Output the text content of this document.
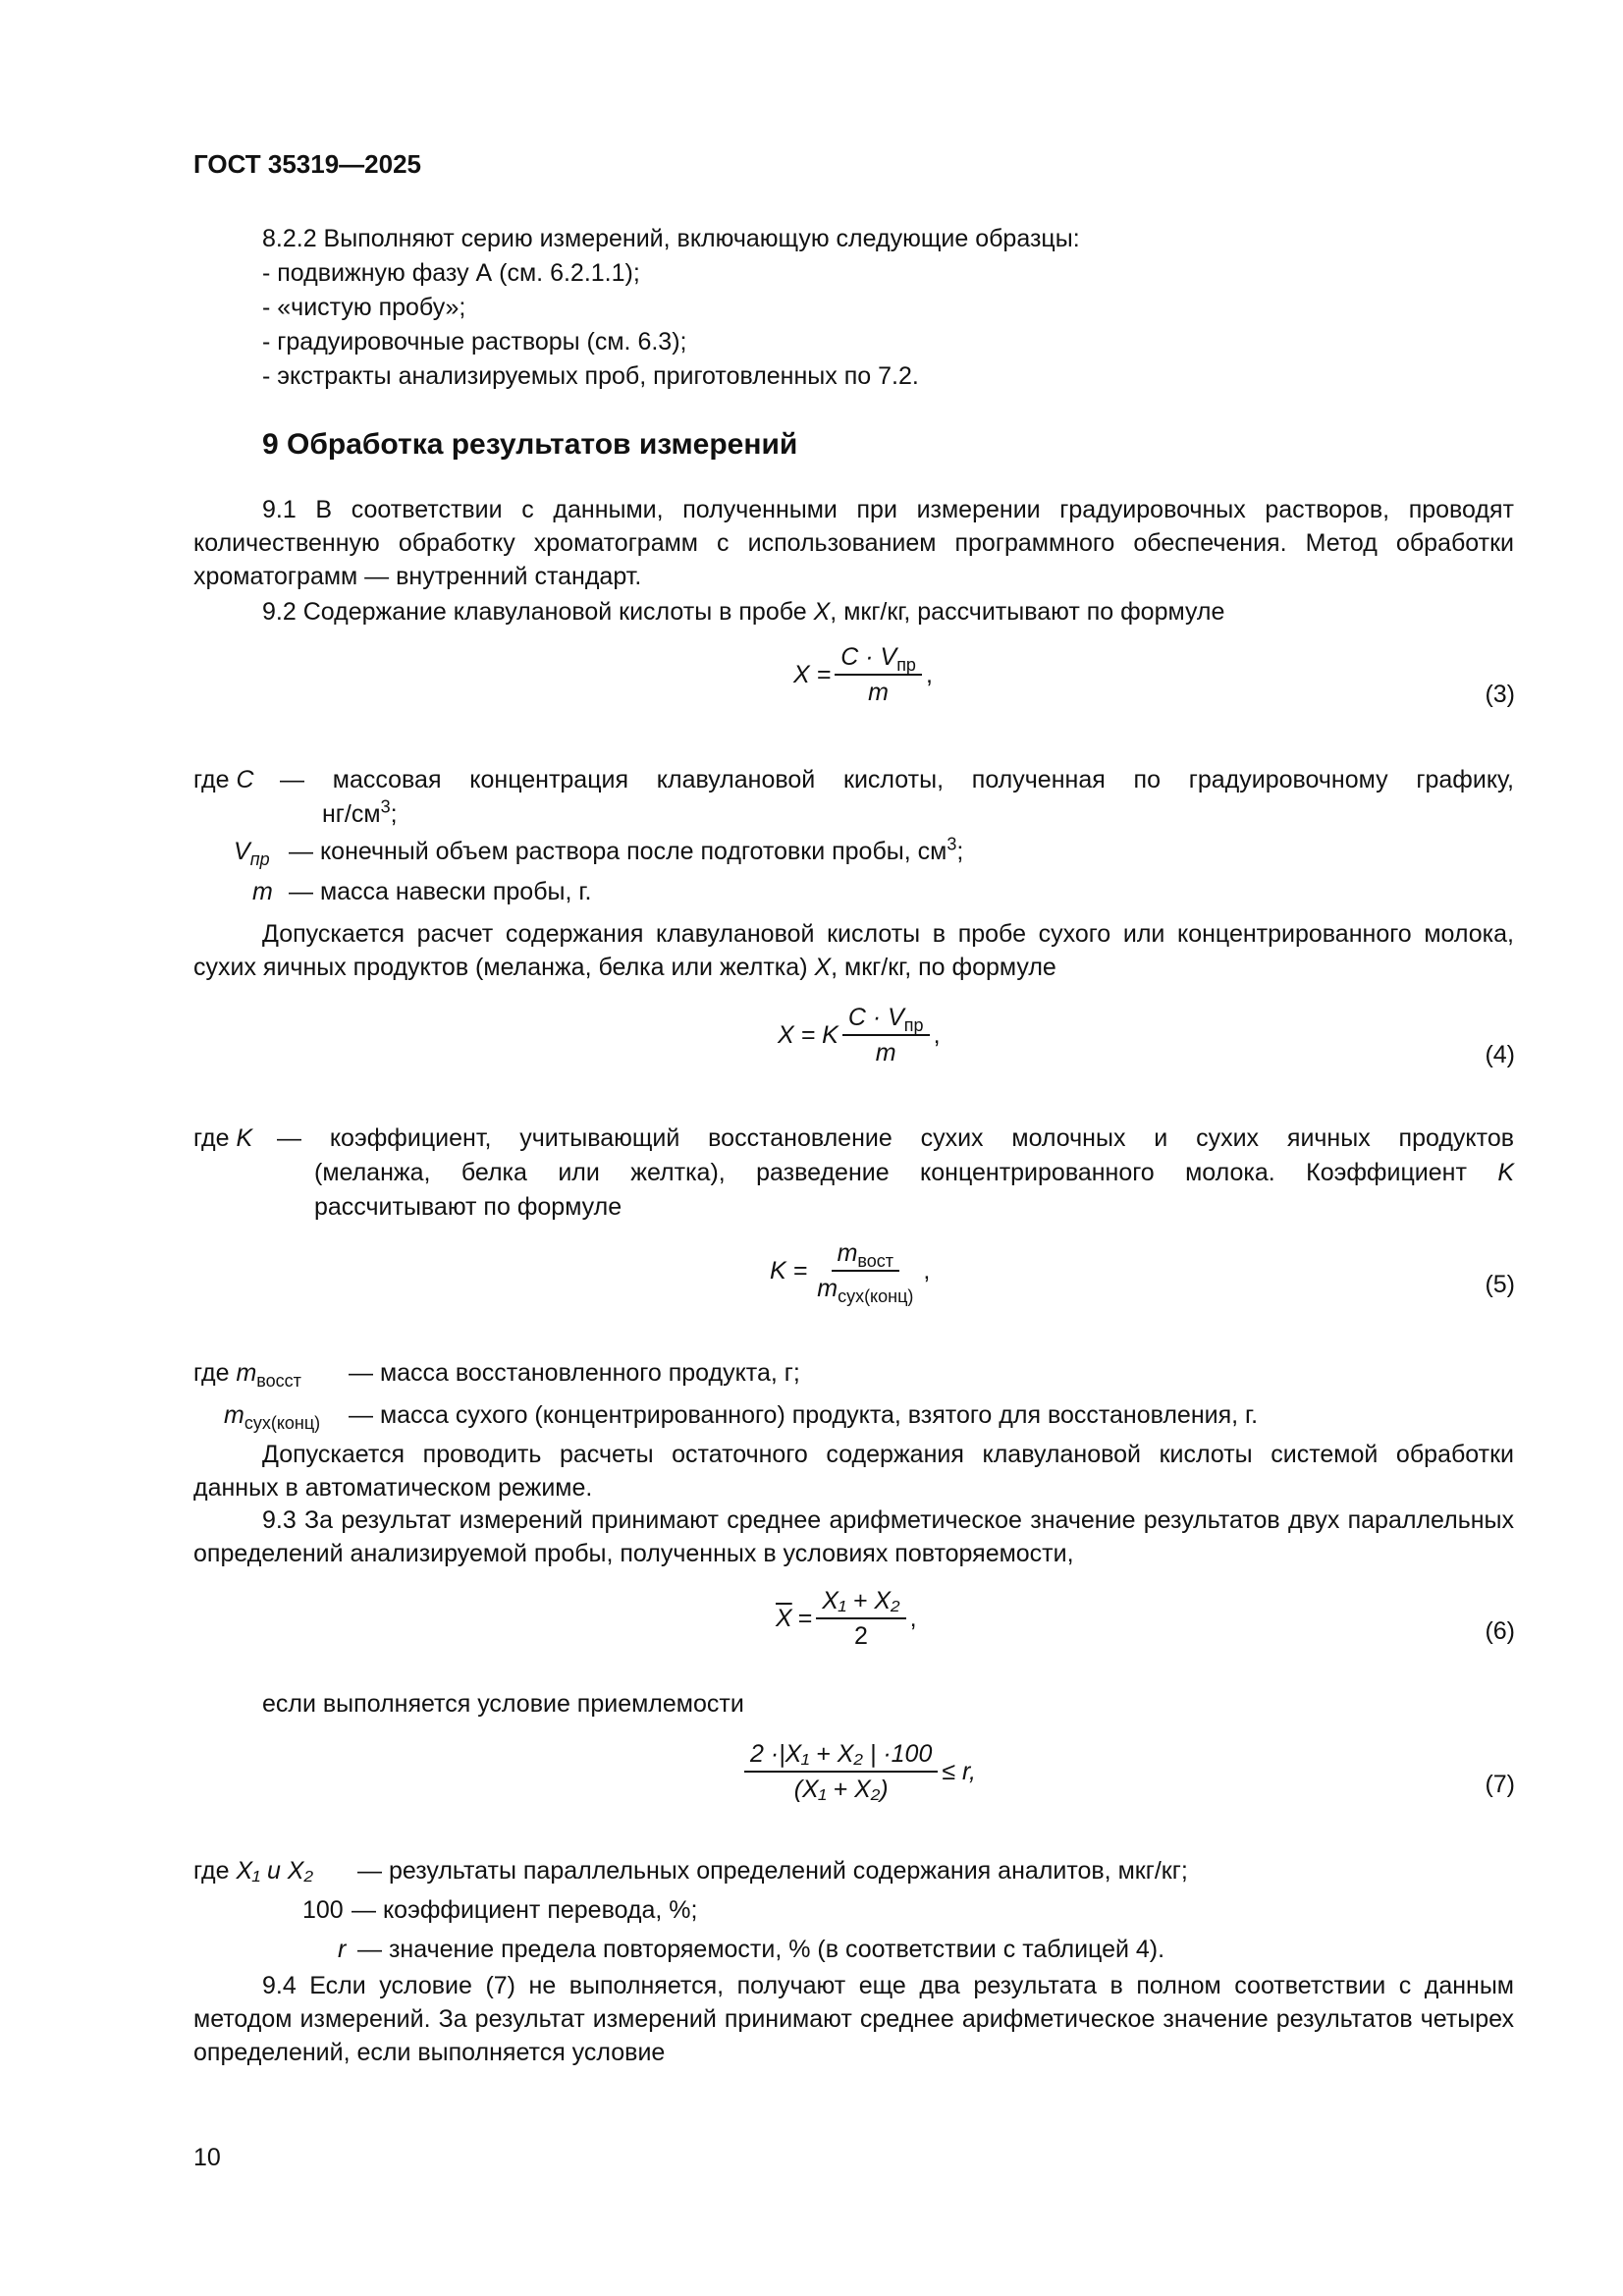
ГОСТ 35319—2025
8.2.2 Выполняют серию измерений, включающую следующие образцы:
- подвижную фазу А (см. 6.2.1.1);
- «чистую пробу»;
- градуировочные растворы (см. 6.3);
- экстракты анализируемых проб, приготовленных по 7.2.
9 Обработка результатов измерений
9.1 В соответствии с данными, полученными при измерении градуировочных растворов, проводят количественную обработку хроматограмм с использованием программного обеспечения. Метод обработки хроматограмм — внутренний стандарт.
9.2 Содержание клавулановой кислоты в пробе X, мкг/кг, рассчитывают по формуле
$X = \frac{C \cdot V_{пр}}{m}$ ,
(3)
где C — массовая концентрация клавулановой кислоты, полученная по градуировочному графику,
$нг/см^3$;
$V_{пр}$ — конечный объем раствора после подготовки пробы, $см^3$;
m — масса навески пробы, г.
Допускается расчет содержания клавулановой кислоты в пробе сухого или концентрированного молока, сухих яичных продуктов (меланжа, белка или желтка) X, мкг/кг, по формуле
X = K $\frac{C \cdot V_{пр}}{m}$ ,
(4)
где K — коэффициент, учитывающий восстановление сухих молочных и сухих яичных продуктов
(меланжа, белка или желтка), разведение концентрированного молока. Коэффициент K
рассчитывают по формуле
$K = \frac{m_{вост}}{m_{сух(конц)}}$ ,	(5)
где $m_{восст}$ — масса восстановленного продукта, г;
$m_{сух(конц)}$ — масса сухого (концентрированного) продукта, взятого для восстановления, г.
Допускается проводить расчеты остаточного содержания клавулановой кислоты системой обработки данных в автоматическом режиме.
9.3 За результат измерений принимают среднее арифметическое значение результатов двух параллельных определений анализируемой пробы, полученных в условиях повторяемости,
$\overline{X} = \frac{\text{X₁ + X₂}}{2}$ ,	(6)
если выполняется условие приемлемости
$\frac{\text{2 ·|X₁ + X₂ | ·100}}{\text{(X₁ + X₂)}} \le r$,	(7)
где X₁ и X₂ — результаты параллельных определений содержания аналитов, мкг/кг;
100 — коэффициент перевода, %;
r — значение предела повторяемости, % (в соответствии с таблицей 4).
9.4 Если условие (7) не выполняется, получают еще два результата в полном соответствии с данным методом измерений. За результат измерений принимают среднее арифметическое значение результатов четырех определений, если выполняется условие
10
